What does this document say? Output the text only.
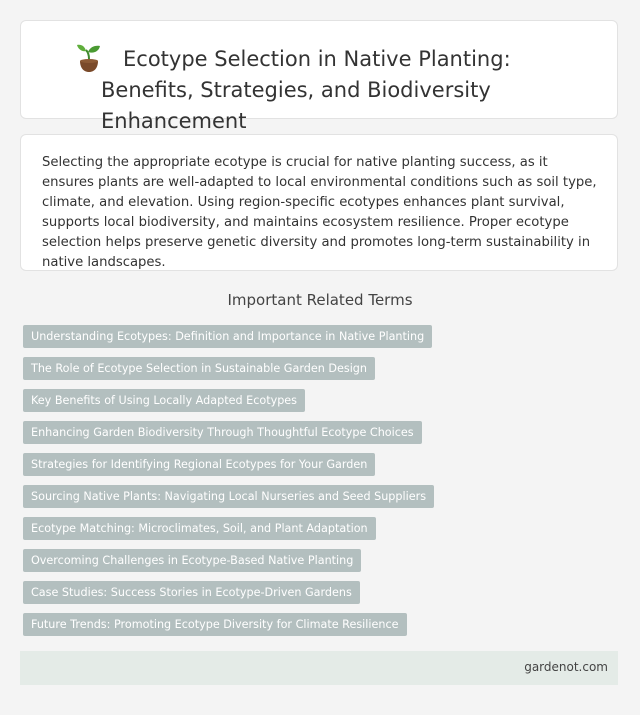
Ecotype Selection in Native Planting: Benefits, Strategies, and Biodiversity Enhancement

Selecting the appropriate ecotype is crucial for native planting success, as it ensures plants are well-adapted to local environmental conditions such as soil type, climate, and elevation. Using region-specific ecotypes enhances plant survival, supports local biodiversity, and maintains ecosystem resilience. Proper ecotype selection helps preserve genetic diversity and promotes long-term sustainability in native landscapes.

Important Related Terms
Understanding Ecotypes: Definition and Importance in Native Planting
The Role of Ecotype Selection in Sustainable Garden Design
Key Benefits of Using Locally Adapted Ecotypes
Enhancing Garden Biodiversity Through Thoughtful Ecotype Choices
Strategies for Identifying Regional Ecotypes for Your Garden
Sourcing Native Plants: Navigating Local Nurseries and Seed Suppliers
Ecotype Matching: Microclimates, Soil, and Plant Adaptation
Overcoming Challenges in Ecotype-Based Native Planting
Case Studies: Success Stories in Ecotype-Driven Gardens
Future Trends: Promoting Ecotype Diversity for Climate Resilience
gardenot.com
